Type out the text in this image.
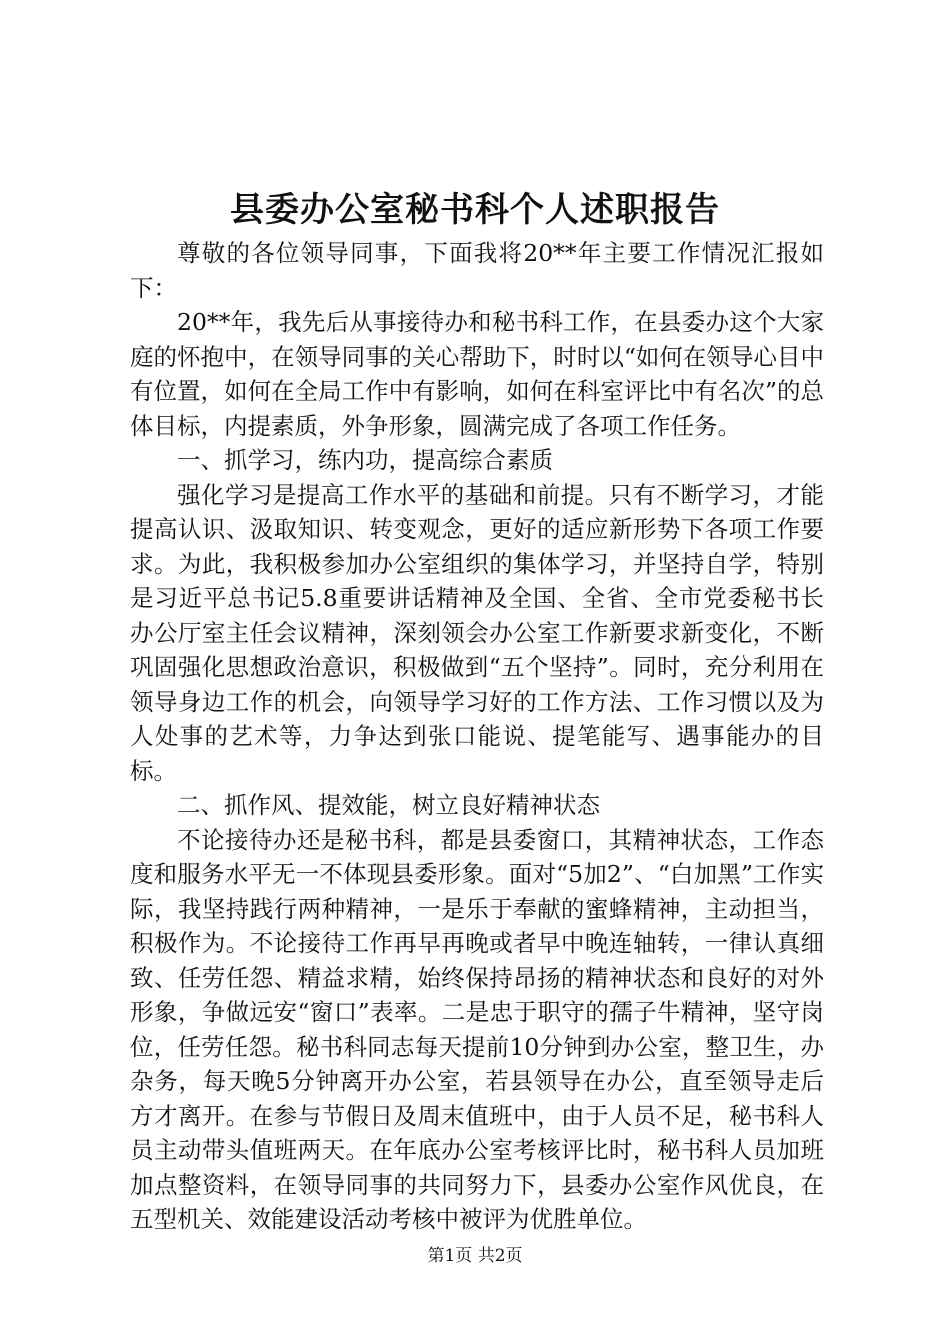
县委办公室秘书科个人述职报告

尊敬的各位领导同事，下面我将20**年主要工作情况汇报如下：

20**年，我先后从事接待办和秘书科工作，在县委办这个大家庭的怀抱中，在领导同事的关心帮助下，时时以“如何在领导心目中有位置，如何在全局工作中有影响，如何在科室评比中有名次”的总体目标，内提素质，外争形象，圆满完成了各项工作任务。

一、抓学习，练内功，提高综合素质

强化学习是提高工作水平的基础和前提。只有不断学习，才能提高认识、汲取知识、转变观念，更好的适应新形势下各项工作要求。为此，我积极参加办公室组织的集体学习，并坚持自学，特别是习近平总书记5.8重要讲话精神及全国、全省、全市党委秘书长办公厅室主任会议精神，深刻领会办公室工作新要求新变化，不断巩固强化思想政治意识，积极做到“五个坚持”。同时，充分利用在领导身边工作的机会，向领导学习好的工作方法、工作习惯以及为人处事的艺术等，力争达到张口能说、提笔能写、遇事能办的目标。

二、抓作风、提效能，树立良好精神状态

不论接待办还是秘书科，都是县委窗口，其精神状态，工作态度和服务水平无一不体现县委形象。面对“5加2”、“白加黑”工作实际，我坚持践行两种精神，一是乐于奉献的蜜蜂精神，主动担当，积极作为。不论接待工作再早再晚或者早中晚连轴转，一律认真细致、任劳任怨、精益求精，始终保持昂扬的精神状态和良好的对外形象，争做远安“窗口”表率。二是忠于职守的孺子牛精神，坚守岗位，任劳任怨。秘书科同志每天提前10分钟到办公室，整卫生，办杂务，每天晚5分钟离开办公室，若县领导在办公，直至领导走后方才离开。在参与节假日及周末值班中，由于人员不足，秘书科人员主动带头值班两天。在年底办公室考核评比时，秘书科人员加班加点整资料，在领导同事的共同努力下，县委办公室作风优良，在五型机关、效能建设活动考核中被评为优胜单位。

第1页 共2页
